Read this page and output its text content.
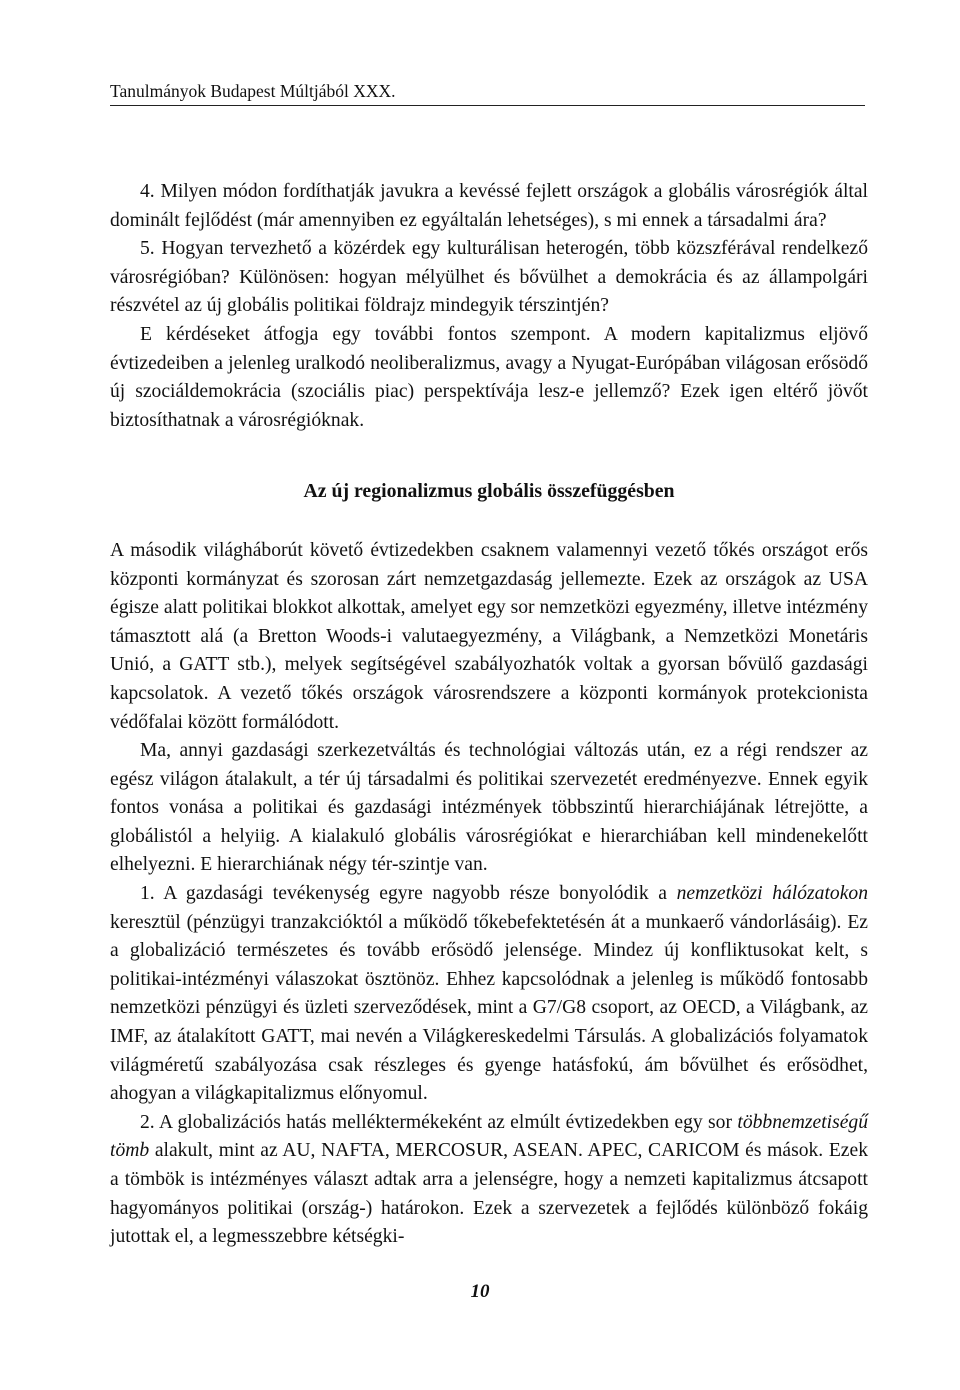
Tanulmányok Budapest Múltjából XXX.

4. Milyen módon fordíthatják javukra a kevéssé fejlett országok a globális városrégiók által dominált fejlődést (már amennyiben ez egyáltalán lehetséges), s mi ennek a társadalmi ára?

5. Hogyan tervezhető a közérdek egy kulturálisan heterogén, több közszférával rendelkező városrégióban? Különösen: hogyan mélyülhet és bővülhet a demokrácia és az állampolgári részvétel az új globális politikai földrajz mindegyik térszintjén?

E kérdéseket átfogja egy további fontos szempont. A modern kapitalizmus eljövő évtizedeiben a jelenleg uralkodó neoliberalizmus, avagy a Nyugat-Európában világosan erősödő új szociáldemokrácia (szociális piac) perspektívája lesz-e jellemző? Ezek igen eltérő jövőt biztosíthatnak a városrégióknak.

Az új regionalizmus globális összefüggésben

A második világháborút követő évtizedekben csaknem valamennyi vezető tőkés országot erős központi kormányzat és szorosan zárt nemzetgazdaság jellemezte. Ezek az országok az USA égisze alatt politikai blokkot alkottak, amelyet egy sor nemzetközi egyezmény, illetve intézmény támasztott alá (a Bretton Woods-i valutaegyezmény, a Világbank, a Nemzetközi Monetáris Unió, a GATT stb.), melyek segítségével szabályozhatók voltak a gyorsan bővülő gazdasági kapcsolatok. A vezető tőkés országok városrendszere a központi kormányok protekcionista védőfalai között formálódott.

Ma, annyi gazdasági szerkezetváltás és technológiai változás után, ez a régi rendszer az egész világon átalakult, a tér új társadalmi és politikai szervezetét eredményezve. Ennek egyik fontos vonása a politikai és gazdasági intézmények többszintű hierarchiájának létrejötte, a globálistól a helyiig. A kialakuló globális városrégiókat e hierarchiában kell mindenekelőtt elhelyezni. E hierarchiának négy tér-szintje van.

1. A gazdasági tevékenység egyre nagyobb része bonyolódik a nemzetközi hálózatokon keresztül (pénzügyi tranzakcióktól a működő tőkebefektetésén át a munkaerő vándorlásáig). Ez a globalizáció természetes és tovább erősödő jelensége. Mindez új konfliktusokat kelt, s politikai-intézményi válaszokat ösztönöz. Ehhez kapcsolódnak a jelenleg is működő fontosabb nemzetközi pénzügyi és üzleti szerveződések, mint a G7/G8 csoport, az OECD, a Világbank, az IMF, az átalakított GATT, mai nevén a Világkereskedelmi Társulás. A globalizációs folyamatok világméretű szabályozása csak részleges és gyenge hatásfokú, ám bővülhet és erősödhet, ahogyan a világkapitalizmus előnyomul.

2. A globalizációs hatás melléktermékeként az elmúlt évtizedekben egy sor többnemzetiségű tömb alakult, mint az AU, NAFTA, MERCOSUR, ASEAN. APEC, CARICOM és mások. Ezek a tömbök is intézményes választ adtak arra a jelenségre, hogy a nemzeti kapitalizmus átcsapott hagyományos politikai (ország-) határokon. Ezek a szervezetek a fejlődés különböző fokáig jutottak el, a legmesszebbre kétségki-

10
